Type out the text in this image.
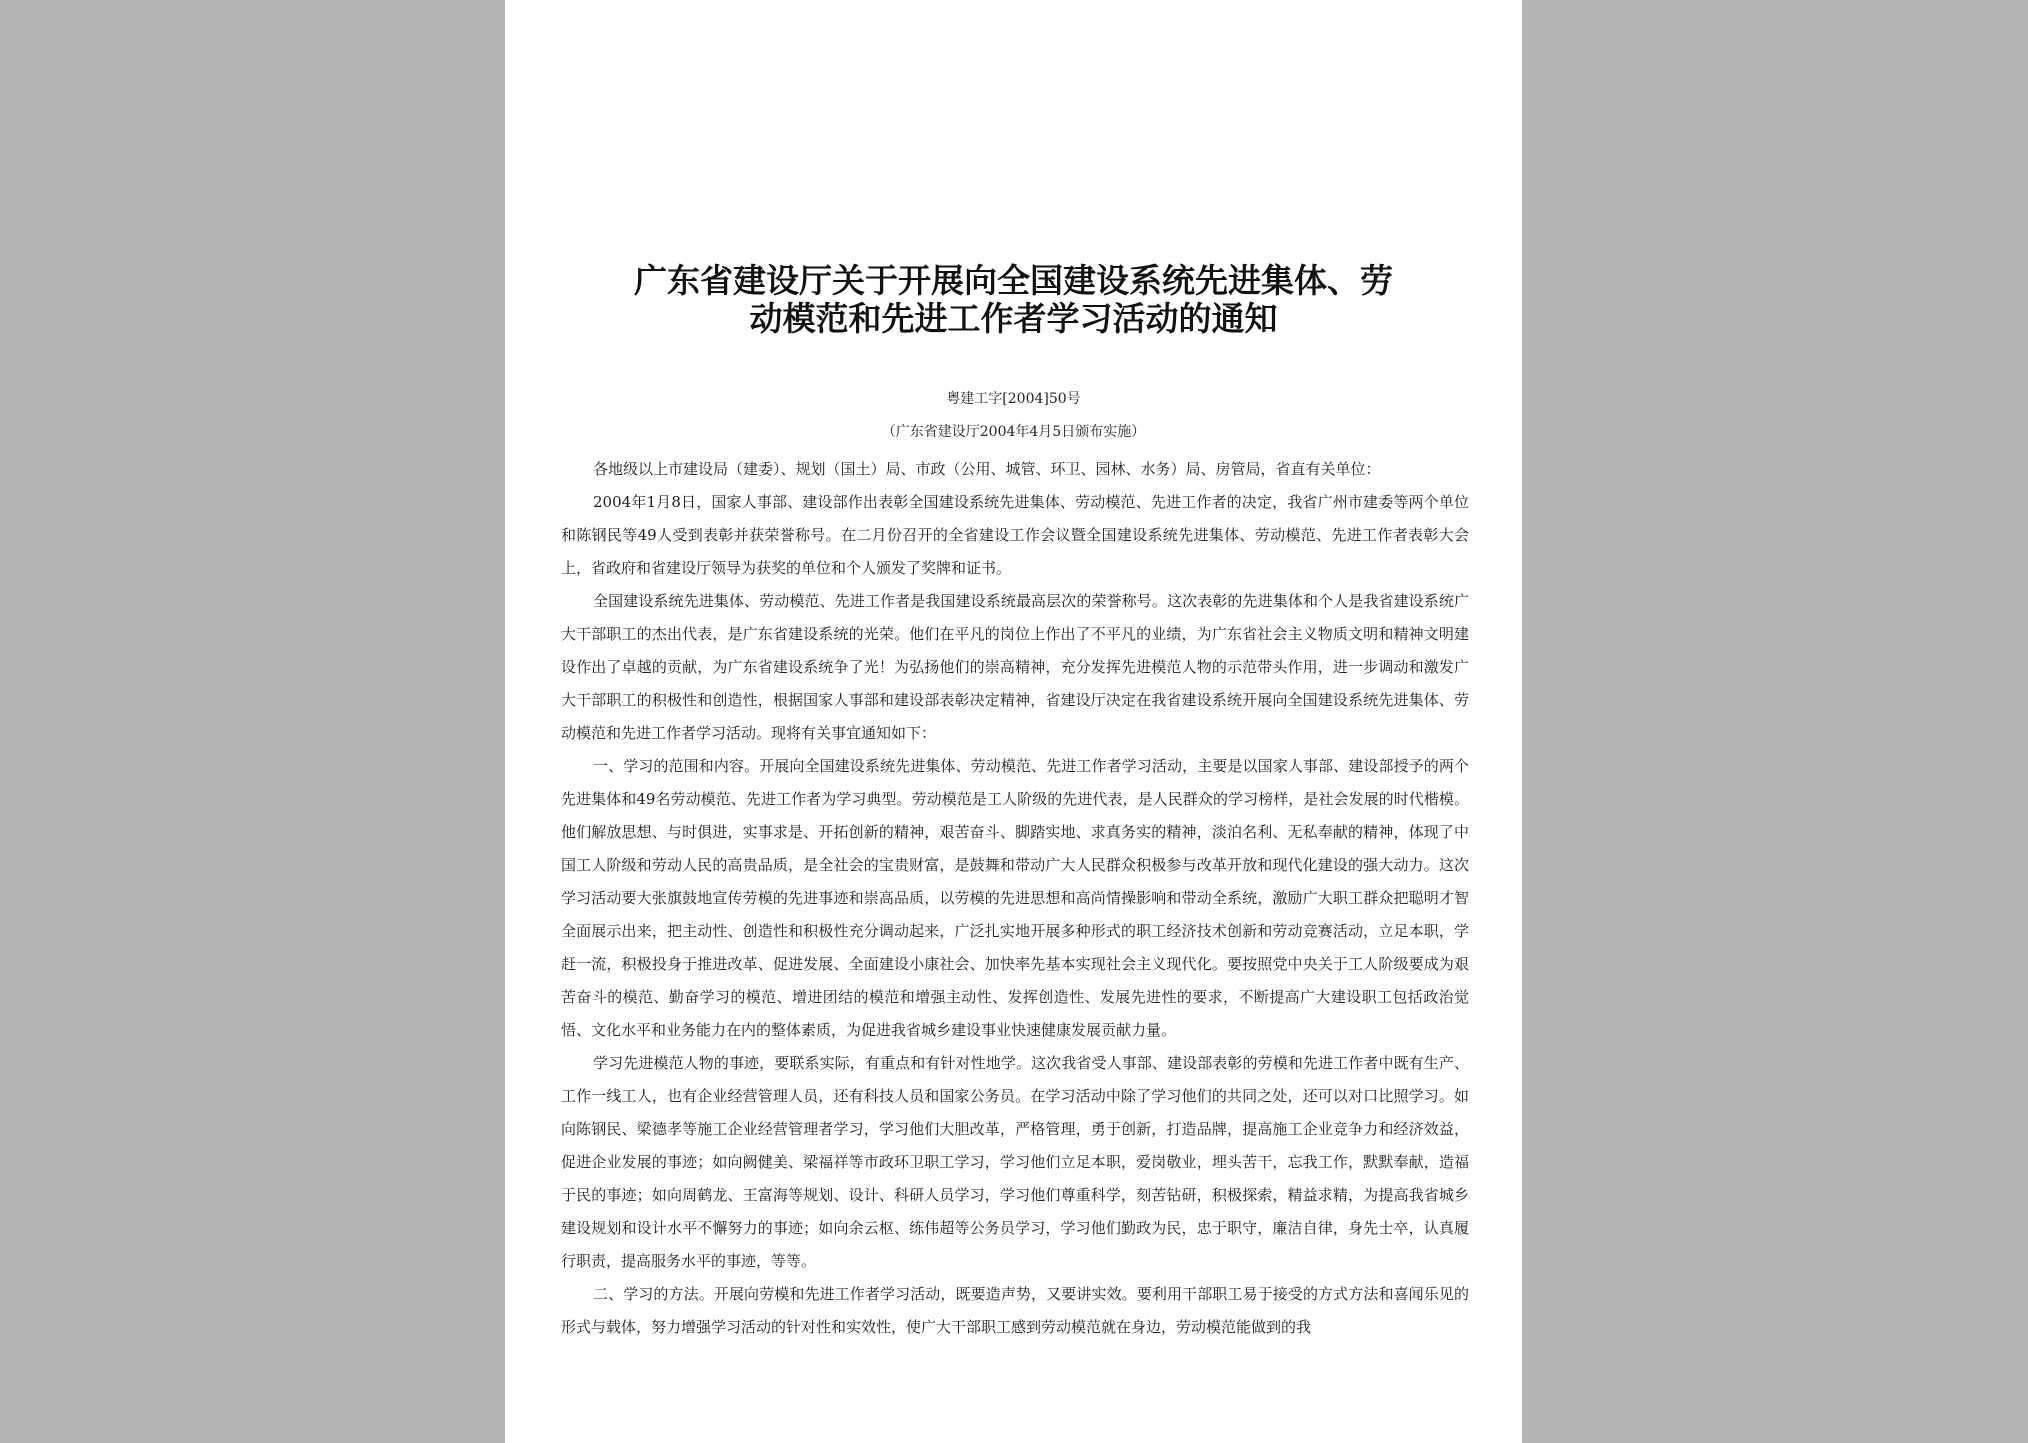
广东省建设厅关于开展向全国建设系统先进集体、劳
动模范和先进工作者学习活动的通知
粤建工字[2004]50号
（广东省建设厅2004年4月5日颁布实施）

各地级以上市建设局（建委）、规划（国土）局、市政（公用、城管、环卫、园林、水务）局、房管局，省直有关单位：

2004年1月8日，国家人事部、建设部作出表彰全国建设系统先进集体、劳动模范、先进工作者的决定，我省广州市建委等两个单位和陈钢民等49人受到表彰并获荣誉称号。在二月份召开的全省建设工作会议暨全国建设系统先进集体、劳动模范、先进工作者表彰大会上，省政府和省建设厅领导为获奖的单位和个人颁发了奖牌和证书。

全国建设系统先进集体、劳动模范、先进工作者是我国建设系统最高层次的荣誉称号。这次表彰的先进集体和个人是我省建设系统广大干部职工的杰出代表，是广东省建设系统的光荣。他们在平凡的岗位上作出了不平凡的业绩，为广东省社会主义物质文明和精神文明建设作出了卓越的贡献，为广东省建设系统争了光！为弘扬他们的崇高精神，充分发挥先进模范人物的示范带头作用，进一步调动和激发广大干部职工的积极性和创造性，根据国家人事部和建设部表彰决定精神，省建设厅决定在我省建设系统开展向全国建设系统先进集体、劳动模范和先进工作者学习活动。现将有关事宜通知如下：

一、学习的范围和内容。开展向全国建设系统先进集体、劳动模范、先进工作者学习活动，主要是以国家人事部、建设部授予的两个先进集体和49名劳动模范、先进工作者为学习典型。劳动模范是工人阶级的先进代表，是人民群众的学习榜样，是社会发展的时代楷模。他们解放思想、与时俱进，实事求是、开拓创新的精神，艰苦奋斗、脚踏实地、求真务实的精神，淡泊名利、无私奉献的精神，体现了中国工人阶级和劳动人民的高贵品质，是全社会的宝贵财富，是鼓舞和带动广大人民群众积极参与改革开放和现代化建设的强大动力。这次学习活动要大张旗鼓地宣传劳模的先进事迹和崇高品质，以劳模的先进思想和高尚情操影响和带动全系统，激励广大职工群众把聪明才智全面展示出来，把主动性、创造性和积极性充分调动起来，广泛扎实地开展多种形式的职工经济技术创新和劳动竞赛活动，立足本职，学赶一流，积极投身于推进改革、促进发展、全面建设小康社会、加快率先基本实现社会主义现代化。要按照党中央关于工人阶级要成为艰苦奋斗的模范、勤奋学习的模范、增进团结的模范和增强主动性、发挥创造性、发展先进性的要求，不断提高广大建设职工包括政治觉悟、文化水平和业务能力在内的整体素质，为促进我省城乡建设事业快速健康发展贡献力量。

学习先进模范人物的事迹，要联系实际，有重点和有针对性地学。这次我省受人事部、建设部表彰的劳模和先进工作者中既有生产、工作一线工人，也有企业经营管理人员，还有科技人员和国家公务员。在学习活动中除了学习他们的共同之处，还可以对口比照学习。如向陈钢民、梁德孝等施工企业经营管理者学习，学习他们大胆改革，严格管理，勇于创新，打造品牌，提高施工企业竞争力和经济效益，促进企业发展的事迹；如向阙健美、梁福祥等市政环卫职工学习，学习他们立足本职，爱岗敬业，埋头苦干，忘我工作，默默奉献，造福于民的事迹；如向周鹤龙、王富海等规划、设计、科研人员学习，学习他们尊重科学，刻苦钻研，积极探索，精益求精，为提高我省城乡建设规划和设计水平不懈努力的事迹；如向余云枢、练伟超等公务员学习，学习他们勤政为民，忠于职守，廉洁自律，身先士卒，认真履行职责，提高服务水平的事迹，等等。

二、学习的方法。开展向劳模和先进工作者学习活动，既要造声势，又要讲实效。要利用干部职工易于接受的方式方法和喜闻乐见的形式与载体，努力增强学习活动的针对性和实效性，使广大干部职工感到劳动模范就在身边，劳动模范能做到的我
